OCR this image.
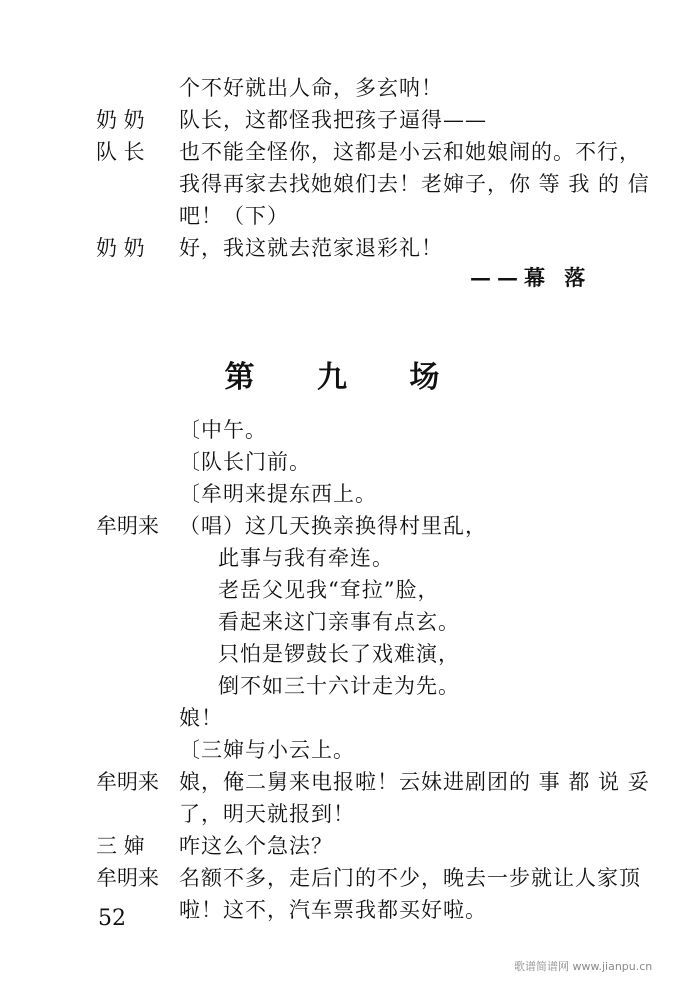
个不好就出人命，多玄呐！
奶 奶 队长，这都怪我把孩子逼得——
队 长 也不能全怪你，这都是小云和她娘闹的。不行，
我得再家去找她娘们去！老婶子，你 等 我 的 信
吧！（下）
奶 奶 好，我这就去范家退彩礼！
——幕 落
第 九 场
〔中午。
〔队长门前。
〔牟明来提东西上。
牟明来 （唱）这几天换亲换得村里乱，
此事与我有牵连。
老岳父见我“耷拉”脸，
看起来这门亲事有点玄。
只怕是锣鼓长了戏难演，
倒不如三十六计走为先。
娘！
〔三婶与小云上。
牟明来 娘，俺二舅来电报啦！云妹进剧团的 事 都 说 妥
了，明天就报到！
三 婶 咋这么个急法？
牟明来 名额不多，走后门的不少，晚去一步就让人家顶
啦！这不，汽车票我都买好啦。
52
歌谱简谱网 www.jianpu.cn
